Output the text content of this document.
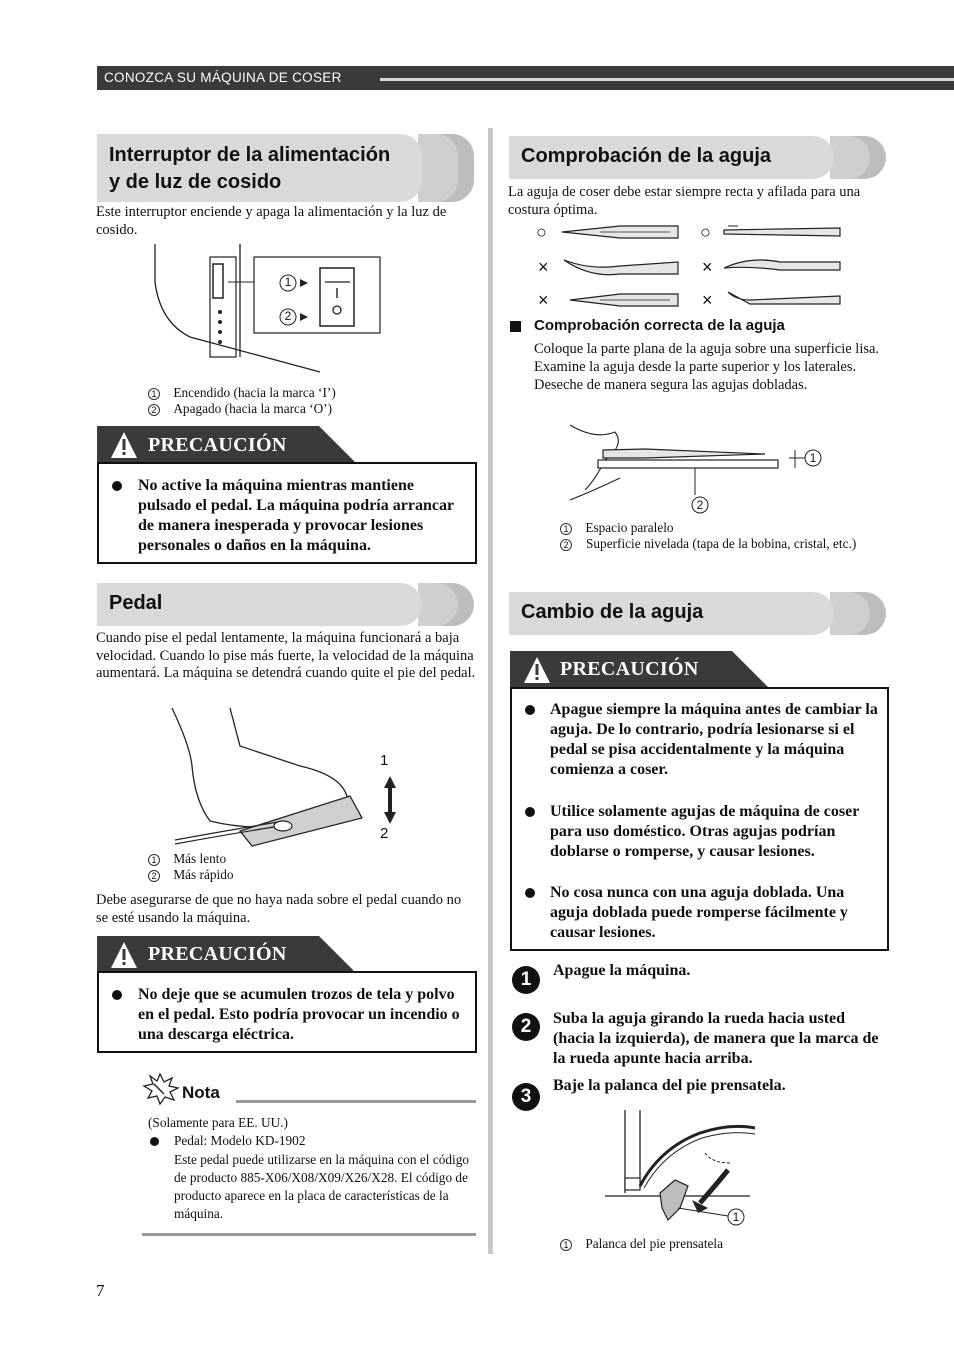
CONOZCA SU MÁQUINA DE COSER
Interruptor de la alimentación
y de luz de cosido
Este interruptor enciende y apaga la alimentación y la luz de cosido.
1
2
1 Encendido (hacia la marca ‘I’)
2 Apagado (hacia la marca ‘O’)
PRECAUCIÓN
No active la máquina mientras mantiene pulsado el pedal. La máquina podría arrancar de manera inesperada y provocar lesiones personales o daños en la máquina.
Pedal
Cuando pise el pedal lentamente, la máquina funcionará a baja velocidad. Cuando lo pise más fuerte, la velocidad de la máquina aumentará. La máquina se detendrá cuando quite el pie del pedal.
1
2
1 Más lento
2 Más rápido
Debe asegurarse de que no haya nada sobre el pedal cuando no se esté usando la máquina.
PRECAUCIÓN
No deje que se acumulen trozos de tela y polvo en el pedal. Esto podría provocar un incendio o una descarga eléctrica.
Nota
(Solamente para EE. UU.)
Pedal: Modelo KD-1902
Este pedal puede utilizarse en la máquina con el código de producto 885-X06/X08/X09/X26/X28. El código de producto aparece en la placa de características de la máquina.
Comprobación de la aguja
La aguja de coser debe estar siempre recta y afilada para una costura óptima.
○	○
×	×
×	×
Comprobación correcta de la aguja
Coloque la parte plana de la aguja sobre una superficie lisa. Examine la aguja desde la parte superior y los laterales. Deseche de manera segura las agujas dobladas.
1
2
1 Espacio paralelo
2 Superficie nivelada (tapa de la bobina, cristal, etc.)
Cambio de la aguja
PRECAUCIÓN
Apague siempre la máquina antes de cambiar la aguja. De lo contrario, podría lesionarse si el pedal se pisa accidentalmente y la máquina comienza a coser.
Utilice solamente agujas de máquina de coser para uso doméstico. Otras agujas podrían doblarse o romperse, y causar lesiones.
No cosa nunca con una aguja doblada. Una aguja doblada puede romperse fácilmente y causar lesiones.
1	Apague la máquina.
2	Suba la aguja girando la rueda hacia usted (hacia la izquierda), de manera que la marca de la rueda apunte hacia arriba.
3
Baje la palanca del pie prensatela.
1
1 Palanca del pie prensatela
7
